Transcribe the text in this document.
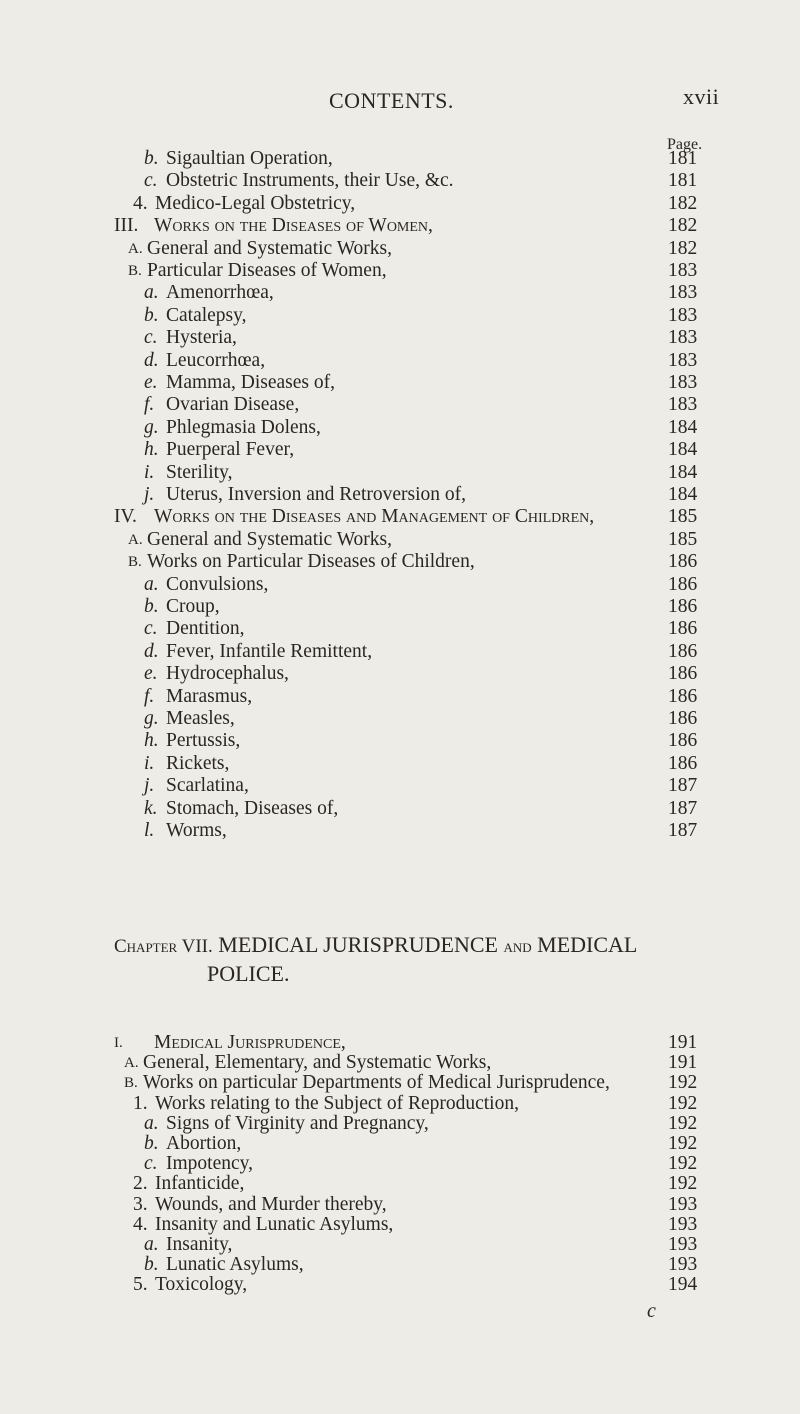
CONTENTS.	xvii
Page.
b. Sigaultian Operation,	181
c. Obstetric Instruments, their Use, &c.	181
4. Medico-Legal Obstetricy,	182
III. Works on the Diseases of Women,	182
A. General and Systematic Works,	182
B. Particular Diseases of Women,	183
a. Amenorrhœa,	183
b. Catalepsy,	183
c. Hysteria,	183
d. Leucorrhœa,	183
e. Mamma, Diseases of,	183
f. Ovarian Disease,	183
g. Phlegmasia Dolens,	184
h. Puerperal Fever,	184
i. Sterility,	184
j. Uterus, Inversion and Retroversion of,	184
IV. Works on the Diseases and Management of Children,	185
A. General and Systematic Works,	185
B. Works on Particular Diseases of Children,	186
a. Convulsions,	186
b. Croup,	186
c. Dentition,	186
d. Fever, Infantile Remittent,	186
e. Hydrocephalus,	186
f. Marasmus,	186
g. Measles,	186
h. Pertussis,	186
i. Rickets,	186
j. Scarlatina,	187
k. Stomach, Diseases of,	187
l. Worms,	187
Chapter VII. MEDICAL JURISPRUDENCE and MEDICAL
POLICE.
I. Medical Jurisprudence,	191
A. General, Elementary, and Systematic Works,	191
B. Works on particular Departments of Medical Jurisprudence,	192
1. Works relating to the Subject of Reproduction,	192
a. Signs of Virginity and Pregnancy,	192
b. Abortion,	192
c. Impotency,	192
2. Infanticide,	192
3. Wounds, and Murder thereby,	193
4. Insanity and Lunatic Asylums,	193
a. Insanity,	193
b. Lunatic Asylums,	193
5. Toxicology,	194
c
